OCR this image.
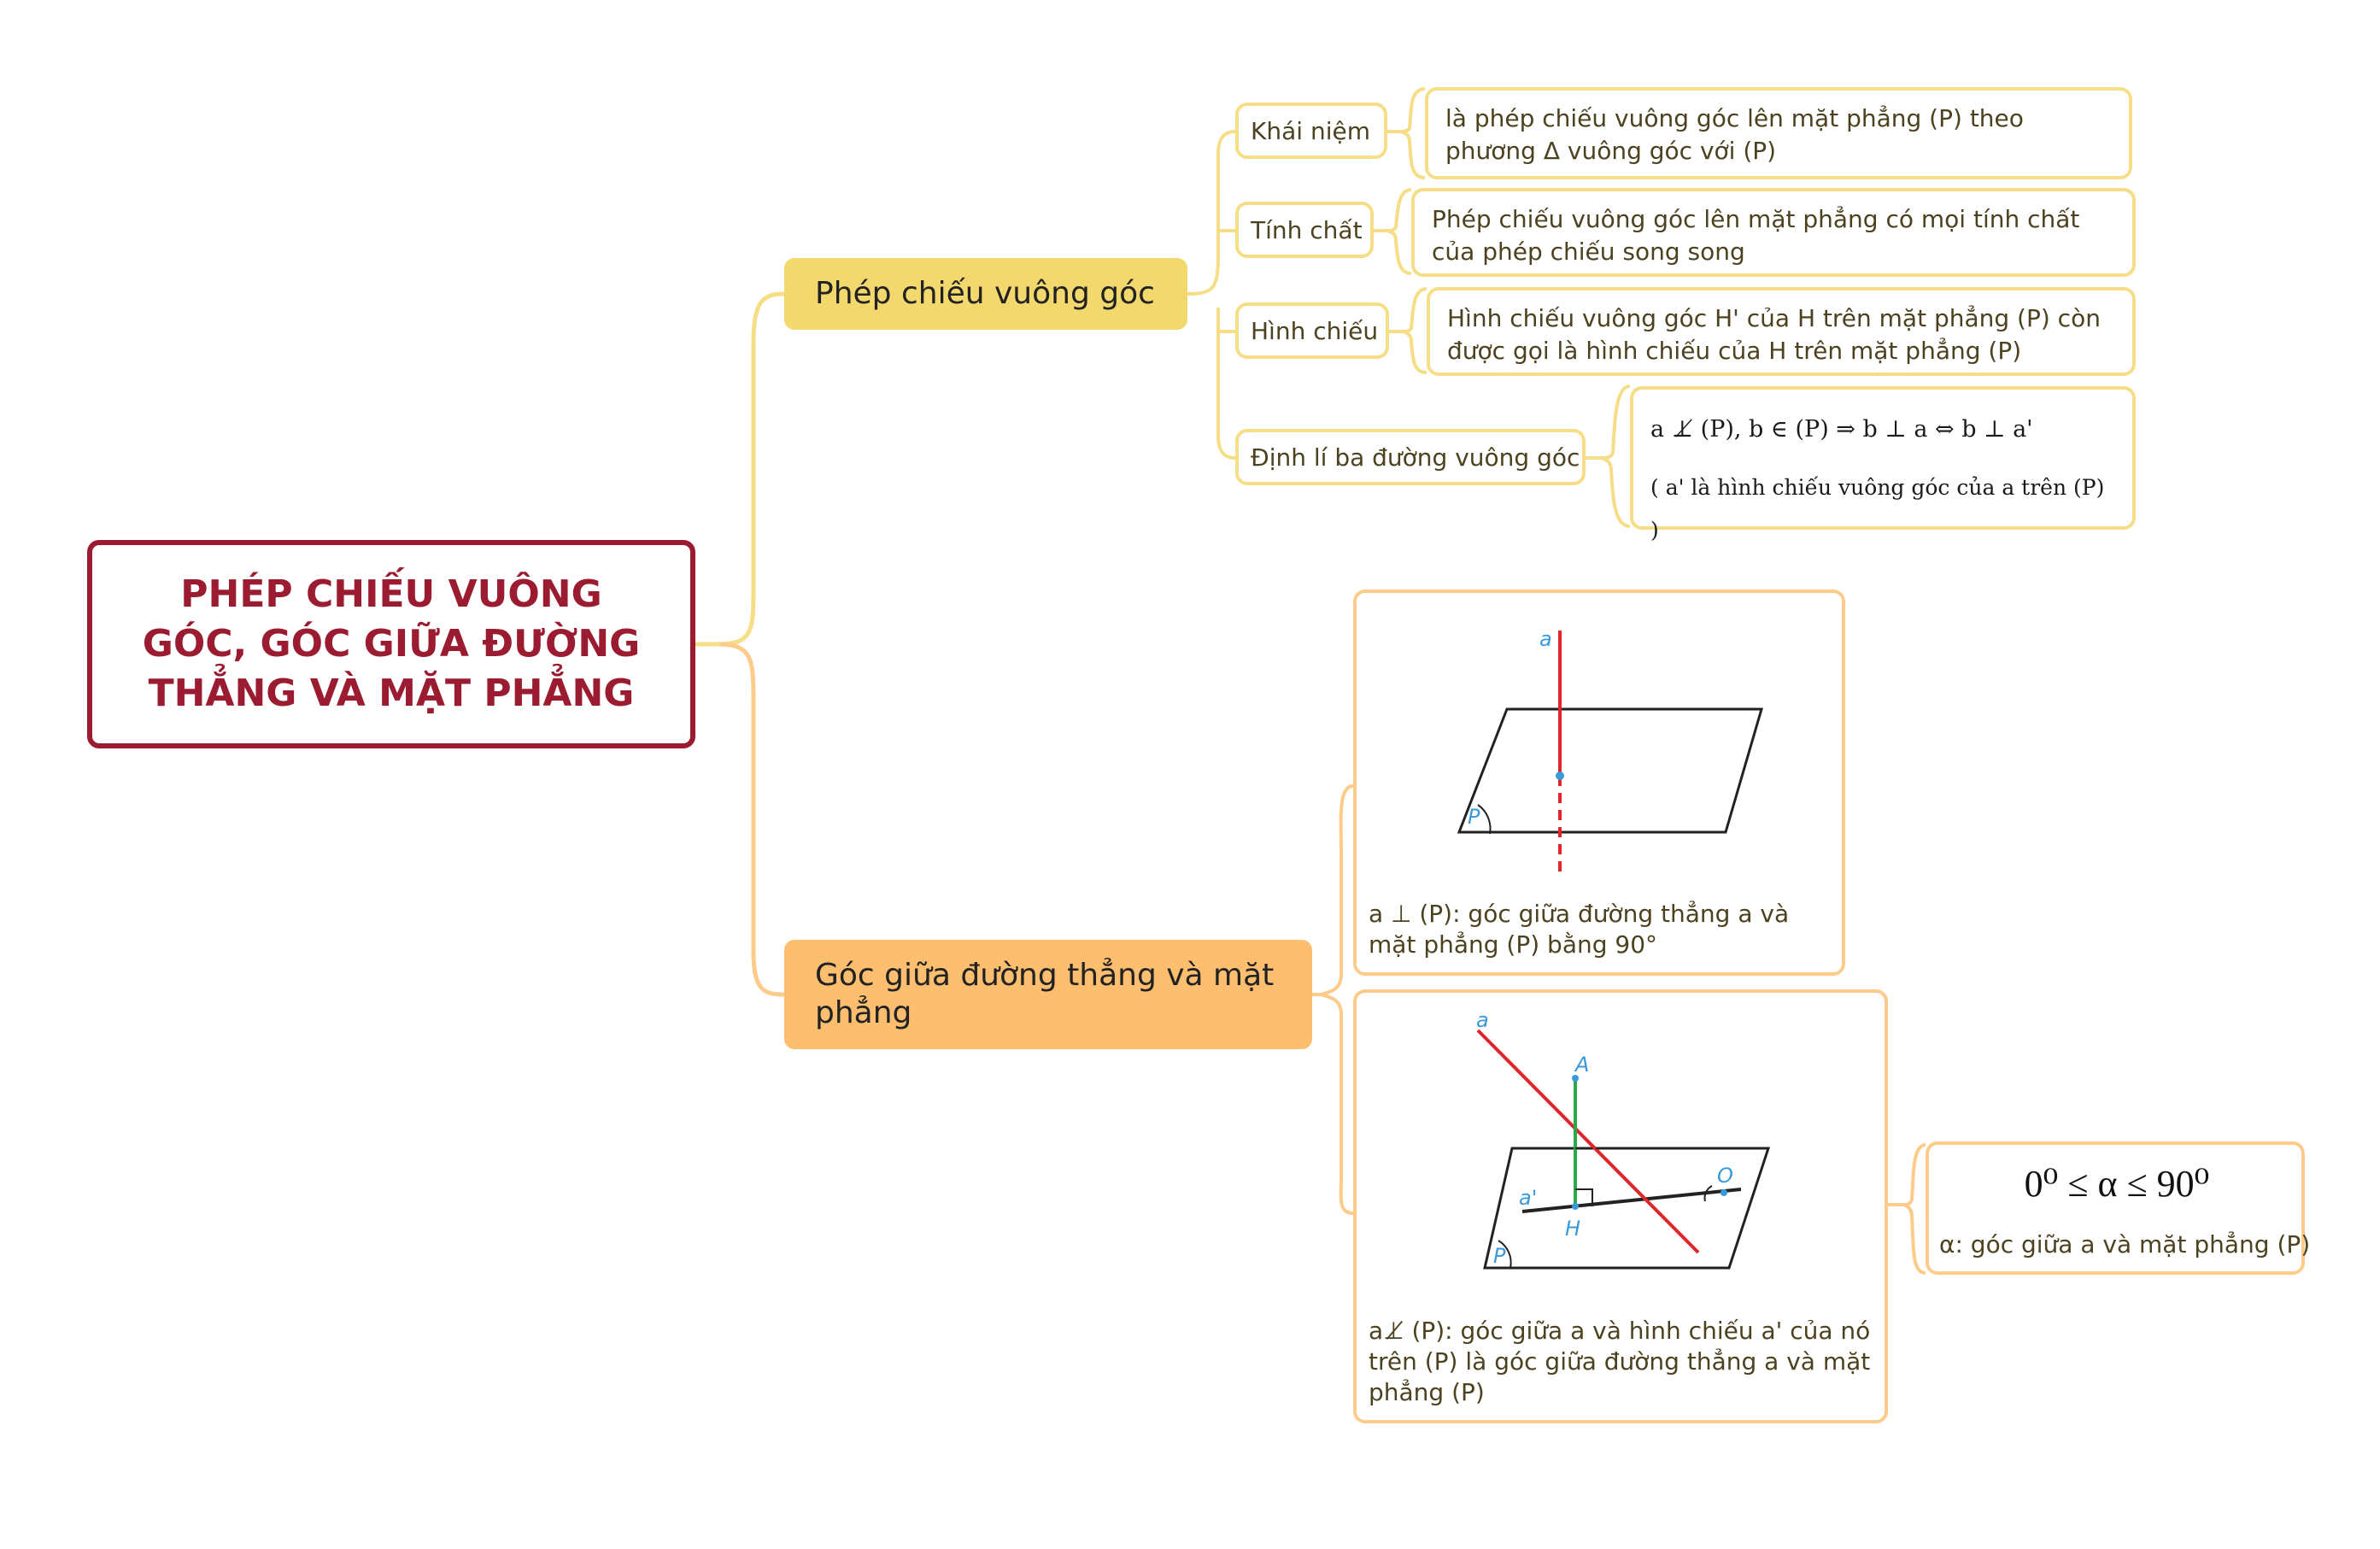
PHÉP CHIẾU VUÔNG GÓC, GÓC GIỮA ĐƯỜNG THẲNG VÀ MẶT PHẲNG
Phép chiếu vuông góc
Khái niệm	là phép chiếu vuông góc lên mặt phẳng (P) theo phương Δ vuông góc với (P)
Tính chất	Phép chiếu vuông góc lên mặt phẳng có mọi tính chất của phép chiếu song song
Hình chiếu	Hình chiếu vuông góc H' của H trên mặt phẳng (P) còn được gọi là hình chiếu của H trên mặt phẳng (P)
Định lí ba đường vuông góc
a ⊥̸ (P), b ∈ (P) ⇒ b ⊥ a ⇔ b ⊥ a'
( a' là hình chiếu vuông góc của a trên (P) )
Góc giữa đường thẳng và mặt phẳng
a
P
a ⊥ (P): góc giữa đường thẳng a và mặt phẳng (P) bằng 90°
a
A
a'
H
O
P
a⊥̸ (P): góc giữa a và hình chiếu a' của nó trên (P) là góc giữa đường thẳng a và mặt phẳng (P)
0⁰ ≤ α ≤ 90⁰
α: góc giữa a và mặt phẳng (P)
